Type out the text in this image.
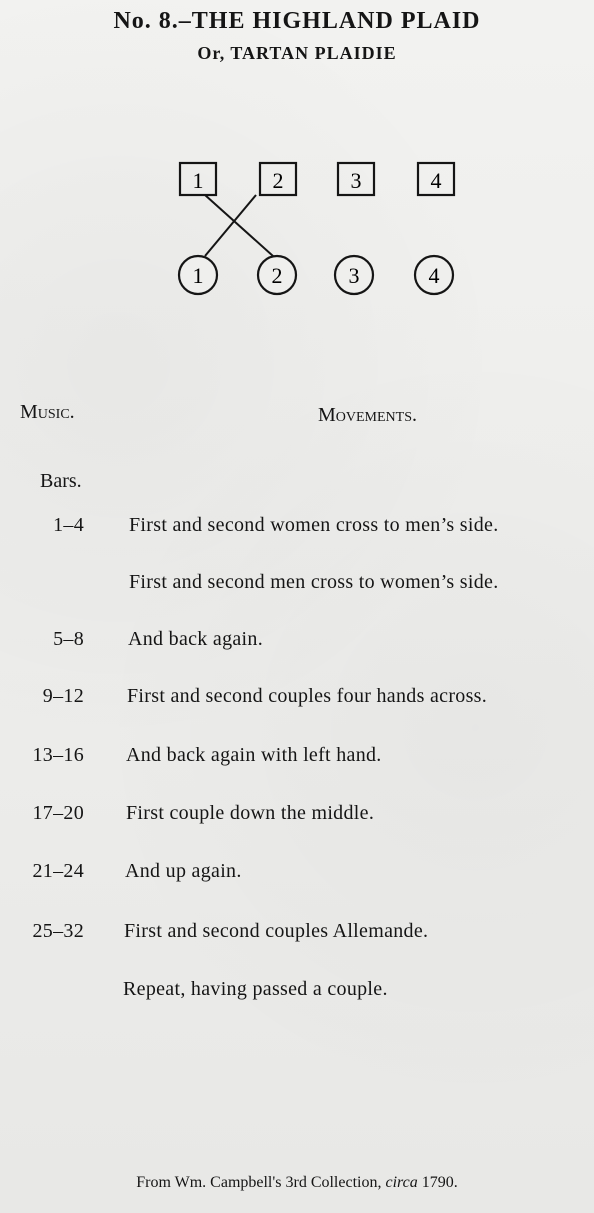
No. 8.–THE HIGHLAND PLAID
Or, TARTAN PLAIDIE
1	2	3	4
1	2	3	4
Music.	Movements.
Bars.
1–4 First and second women cross to men’s side.
First and second men cross to women’s side.
5–8 And back again.
9–12 First and second couples four hands across.
13–16 And back again with left hand.
17–20 First couple down the middle.
21–24 And up again.
25–32 First and second couples Allemande.
Repeat, having passed a couple.
From Wm. Campbell's 3rd Collection, circa 1790.
